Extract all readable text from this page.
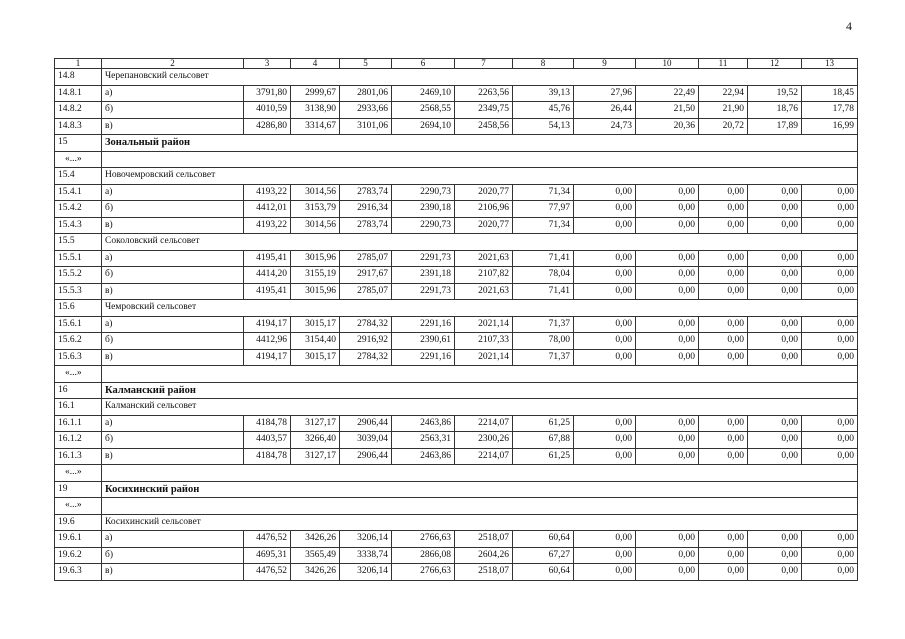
4
1	2	3	4	5	6	7	8	9	10	11	12	13
14.8	Черепановский сельсовет											
14.8.1	а)	3791,80	2999,67	2801,06	2469,10	2263,56	39,13	27,96	22,49	22,94	19,52	18,45
14.8.2	б)	4010,59	3138,90	2933,66	2568,55	2349,75	45,76	26,44	21,50	21,90	18,76	17,78
14.8.3	в)	4286,80	3314,67	3101,06	2694,10	2458,56	54,13	24,73	20,36	20,72	17,89	16,99
15	Зональный район											
«...»												
15.4	Новочемровский сельсовет											
15.4.1	а)	4193,22	3014,56	2783,74	2290,73	2020,77	71,34	0,00	0,00	0,00	0,00	0,00
15.4.2	б)	4412,01	3153,79	2916,34	2390,18	2106,96	77,97	0,00	0,00	0,00	0,00	0,00
15.4.3	в)	4193,22	3014,56	2783,74	2290,73	2020,77	71,34	0,00	0,00	0,00	0,00	0,00
15.5	Соколовский сельсовет											
15.5.1	а)	4195,41	3015,96	2785,07	2291,73	2021,63	71,41	0,00	0,00	0,00	0,00	0,00
15.5.2	б)	4414,20	3155,19	2917,67	2391,18	2107,82	78,04	0,00	0,00	0,00	0,00	0,00
15.5.3	в)	4195,41	3015,96	2785,07	2291,73	2021,63	71,41	0,00	0,00	0,00	0,00	0,00
15.6	Чемровский сельсовет											
15.6.1	а)	4194,17	3015,17	2784,32	2291,16	2021,14	71,37	0,00	0,00	0,00	0,00	0,00
15.6.2	б)	4412,96	3154,40	2916,92	2390,61	2107,33	78,00	0,00	0,00	0,00	0,00	0,00
15.6.3	в)	4194,17	3015,17	2784,32	2291,16	2021,14	71,37	0,00	0,00	0,00	0,00	0,00
«...»												
16	Калманский район											
16.1	Калманский сельсовет											
16.1.1	а)	4184,78	3127,17	2906,44	2463,86	2214,07	61,25	0,00	0,00	0,00	0,00	0,00
16.1.2	б)	4403,57	3266,40	3039,04	2563,31	2300,26	67,88	0,00	0,00	0,00	0,00	0,00
16.1.3	в)	4184,78	3127,17	2906,44	2463,86	2214,07	61,25	0,00	0,00	0,00	0,00	0,00
«...»												
19	Косихинский район											
«...»												
19.6	Косихинский сельсовет											
19.6.1	а)	4476,52	3426,26	3206,14	2766,63	2518,07	60,64	0,00	0,00	0,00	0,00	0,00
19.6.2	б)	4695,31	3565,49	3338,74	2866,08	2604,26	67,27	0,00	0,00	0,00	0,00	0,00
19.6.3	в)	4476,52	3426,26	3206,14	2766,63	2518,07	60,64	0,00	0,00	0,00	0,00	0,00
